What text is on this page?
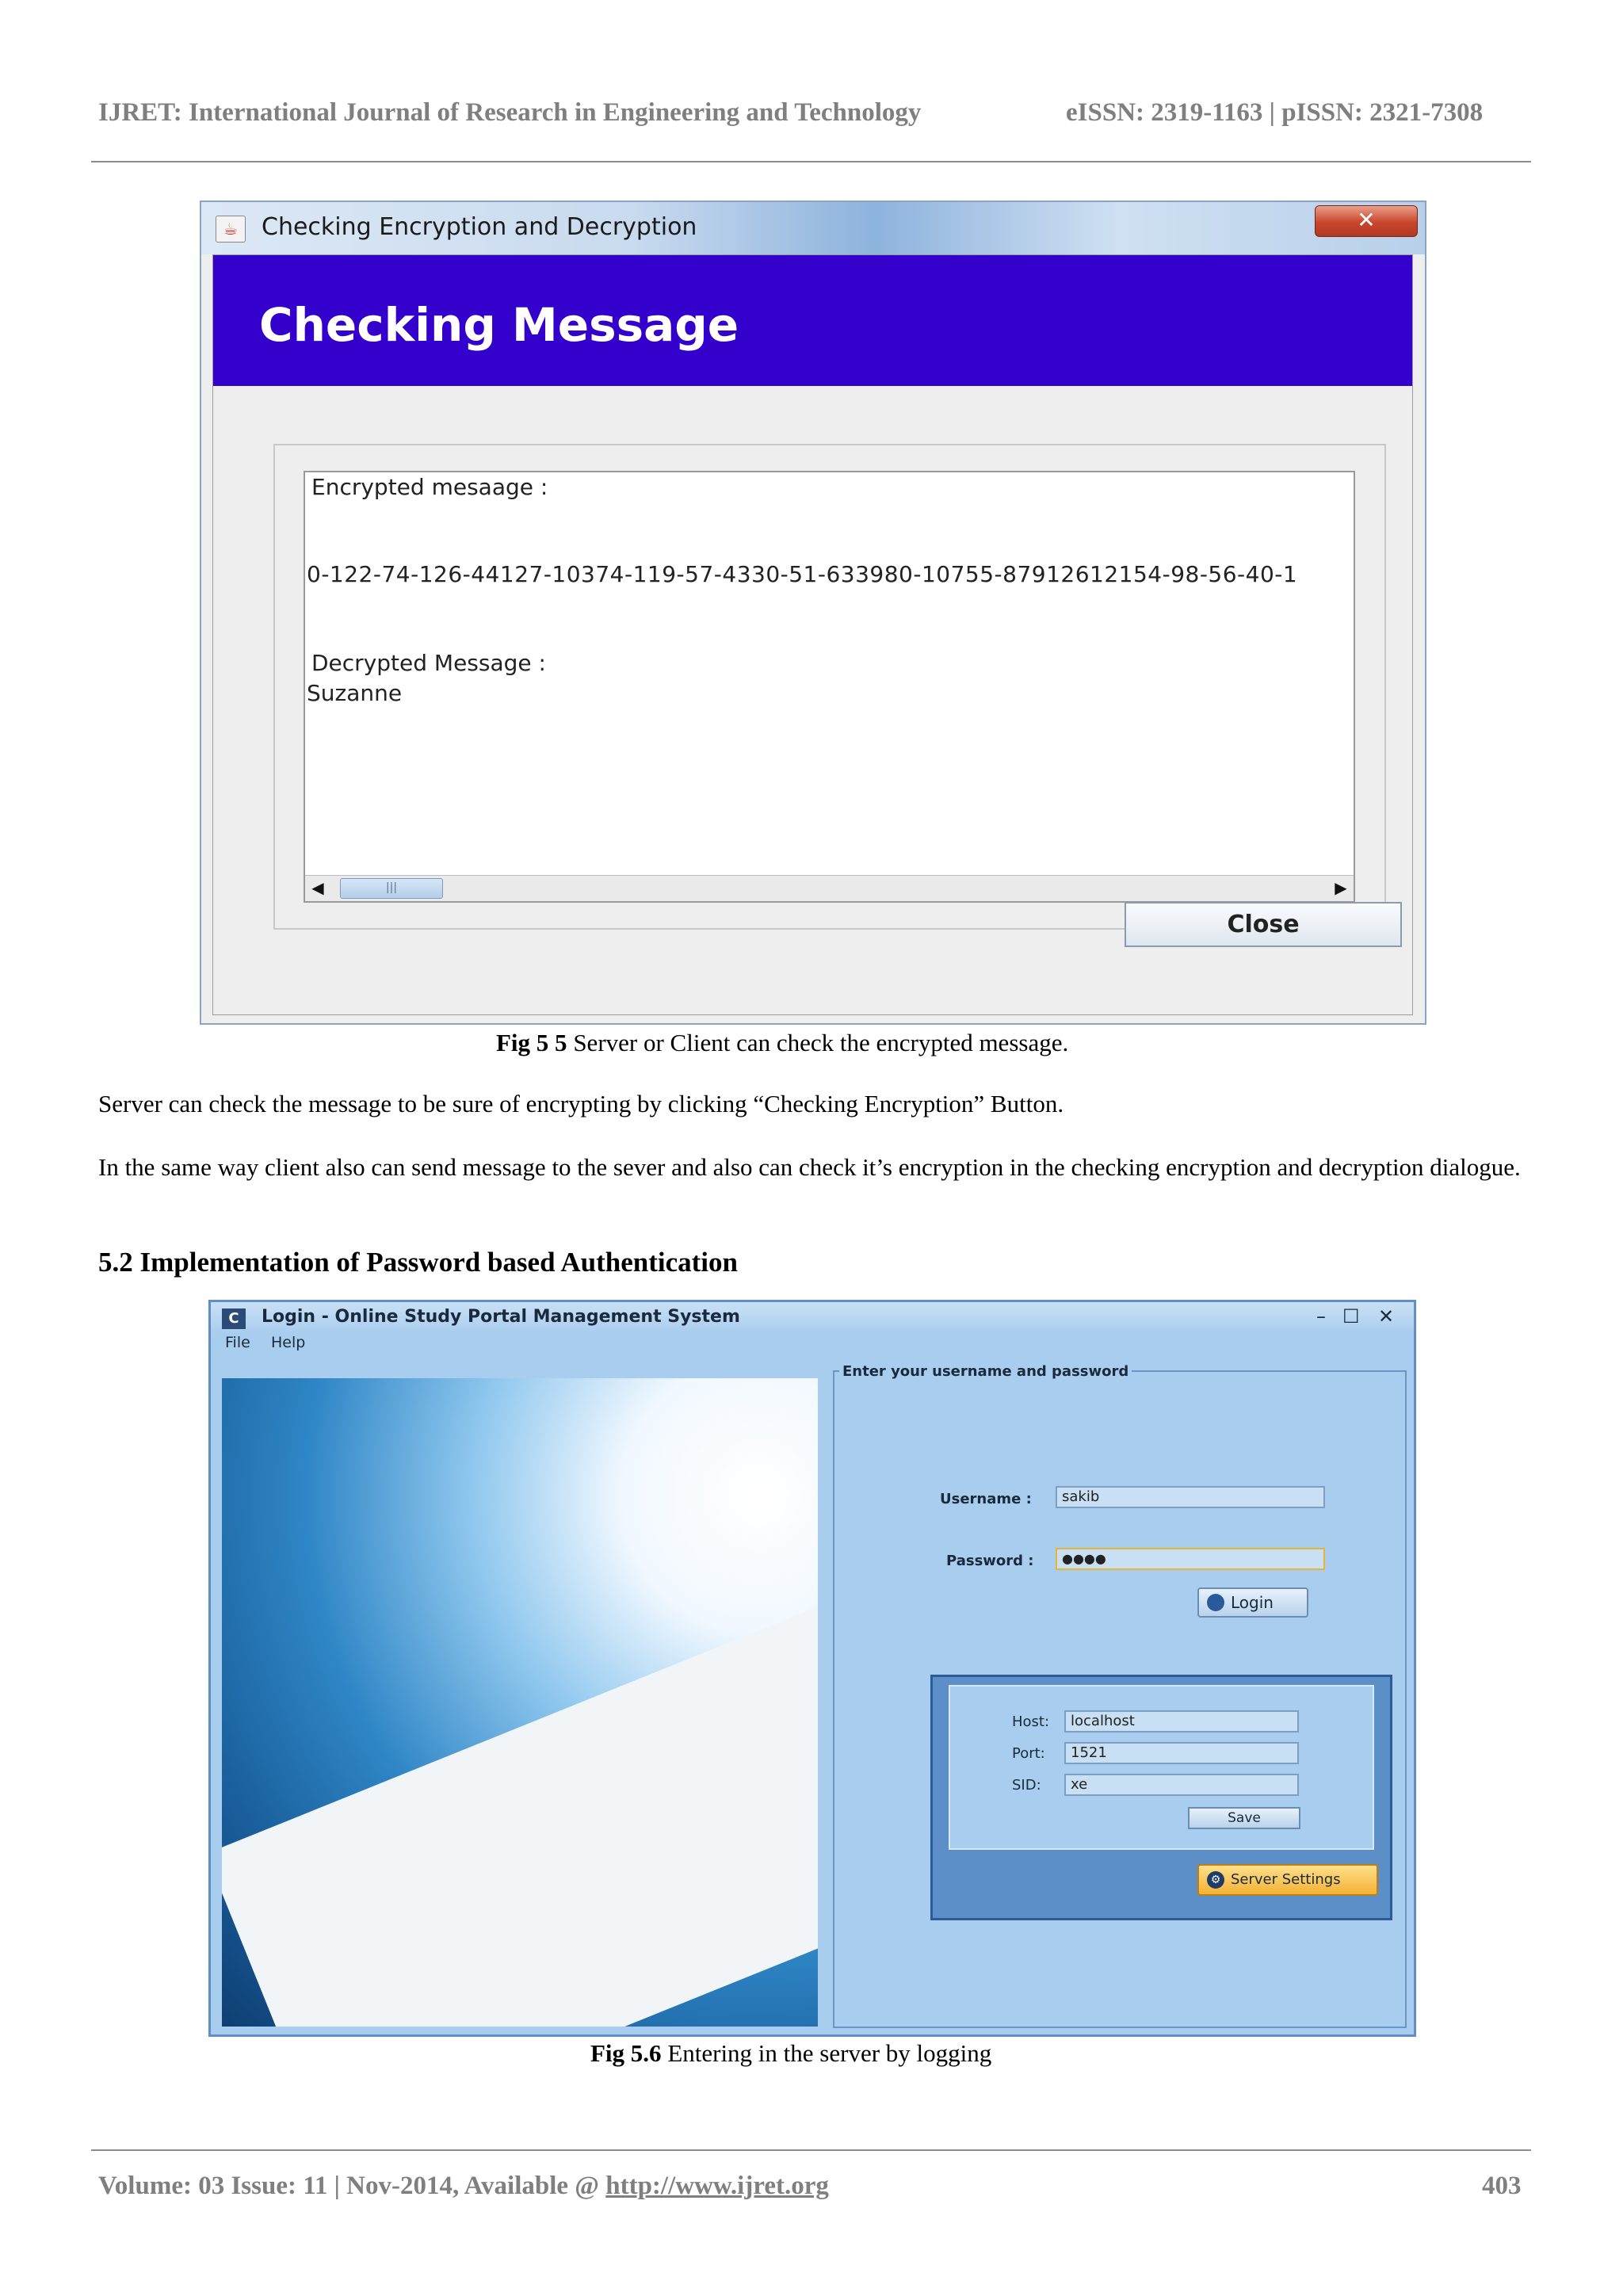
IJRET: International Journal of Research in Engineering and Technology	eISSN: 2319-1163 | pISSN: 2321-7308
☕	Checking Encryption and Decryption	✕
Checking Message
Encrypted mesaage :
0-122-74-126-44127-10374-119-57-4330-51-633980-10755-87912612154-98-56-40-1
Decrypted Message :
Suzanne
◀	|||	▶
Close
Fig 5 5 Server or Client can check the encrypted message.
Server can check the message to be sure of encrypting by clicking “Checking Encryption” Button.
In the same way client also can send message to the sever and also can check it’s encryption in the checking encryption and decryption dialogue.
5.2 Implementation of Password based Authentication
C	Login - Online Study Portal Management System	– ☐ ✕
File Help
Enter your username and password
Username :	sakib
Password :	●●●●
Login
Host:	localhost
Port:	1521
SID:	xe
Save
⚙ Server Settings
Fig 5.6 Entering in the server by logging
Volume: 03 Issue: 11 | Nov-2014, Available @ http://www.ijret.org	403
